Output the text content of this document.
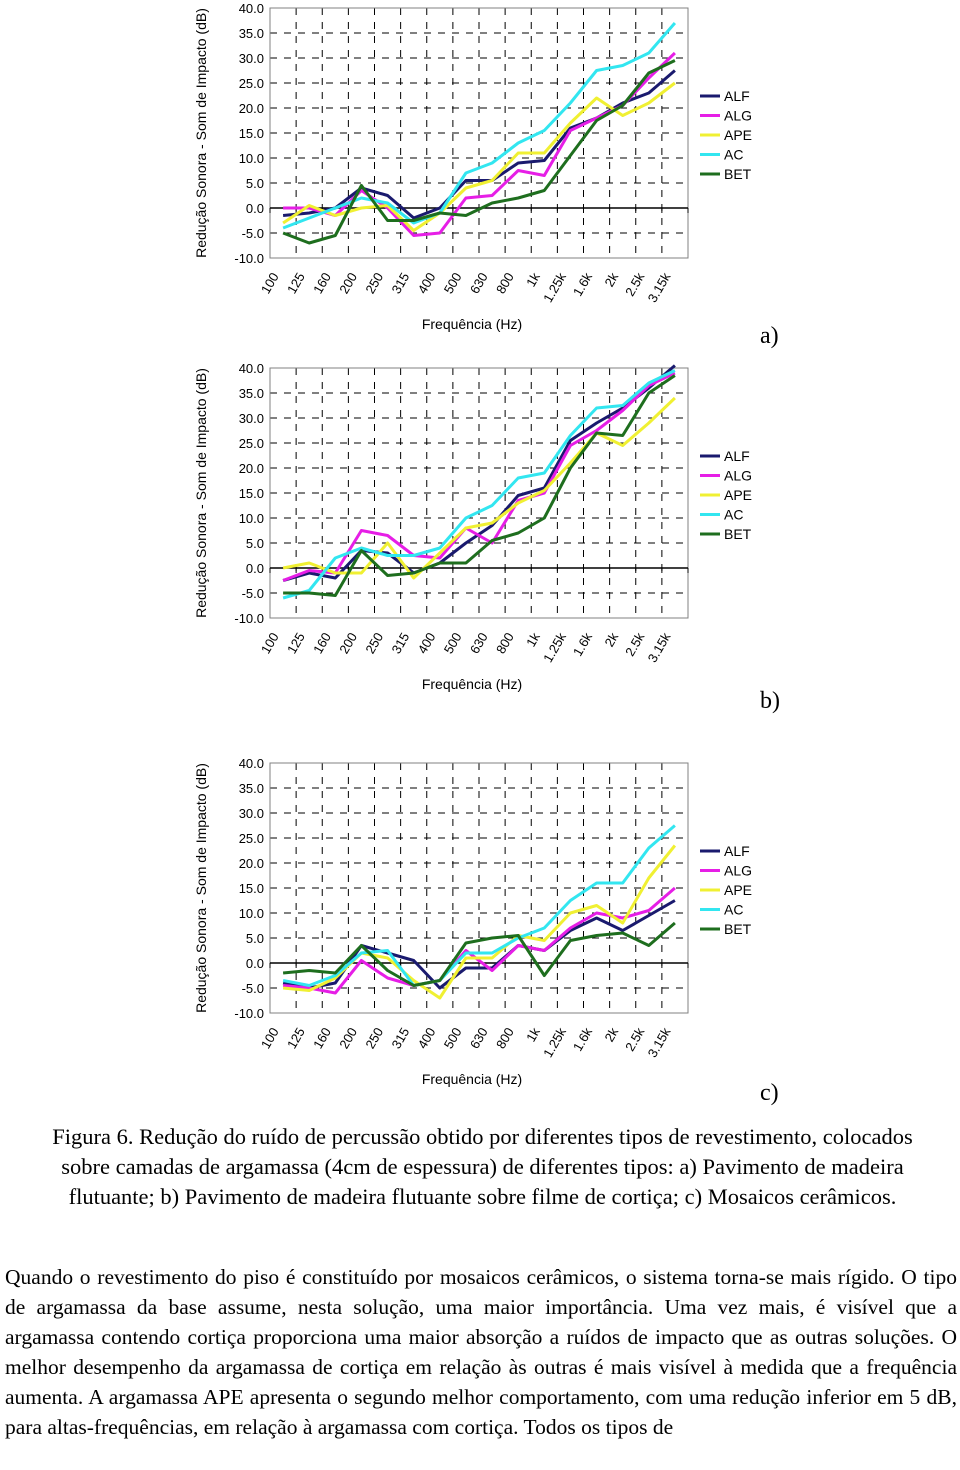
40.0
35.0
30.0
25.0
20.0
15.0
10.0
5.0
0.0
-5.0
-10.0
100 125 160 200 250 315 400 500 630 800 1k
1.25k 1.6k 2k 2.5k
3.15k
Redução Sonora - Som de Impacto (dB)
Frequência (Hz)
ALF
ALG
APE
AC
BET
a)
40.0
35.0
30.0
25.0
20.0
15.0
10.0
5.0
0.0
-5.0
-10.0
100 125 160 200 250 315 400 500 630 800 1k
1.25k 1.6k 2k 2.5k
3.15k
Redução Sonora - Som de Impacto (dB)
Frequência (Hz)
ALF
ALG
APE
AC
BET
b)
40.0
35.0
30.0
25.0
20.0
15.0
10.0
5.0
0.0
-5.0
-10.0
100 125 160 200 250 315 400 500 630 800 1k
1.25k 1.6k 2k 2.5k
3.15k
Redução Sonora - Som de Impacto (dB)
Frequência (Hz)
ALF
ALG
APE
AC
BET
c)
Figura 6. Redução do ruído de percussão obtido por diferentes tipos de revestimento, colocados sobre camadas de argamassa (4cm de espessura) de diferentes tipos: a) Pavimento de madeira flutuante; b) Pavimento de madeira flutuante sobre filme de cortiça; c) Mosaicos cerâmicos.
Quando o revestimento do piso é constituído por mosaicos cerâmicos, o sistema torna-se mais rígido. O tipo de argamassa da base assume, nesta solução, uma maior importância. Uma vez mais, é visível que a argamassa contendo cortiça proporciona uma maior absorção a ruídos de impacto que as outras soluções. O melhor desempenho da argamassa de cortiça em relação às outras é mais visível à medida que a frequência aumenta. A argamassa APE apresenta o segundo melhor comportamento, com uma redução inferior em 5 dB, para altas-frequências, em relação à argamassa com cortiça. Todos os tipos de
